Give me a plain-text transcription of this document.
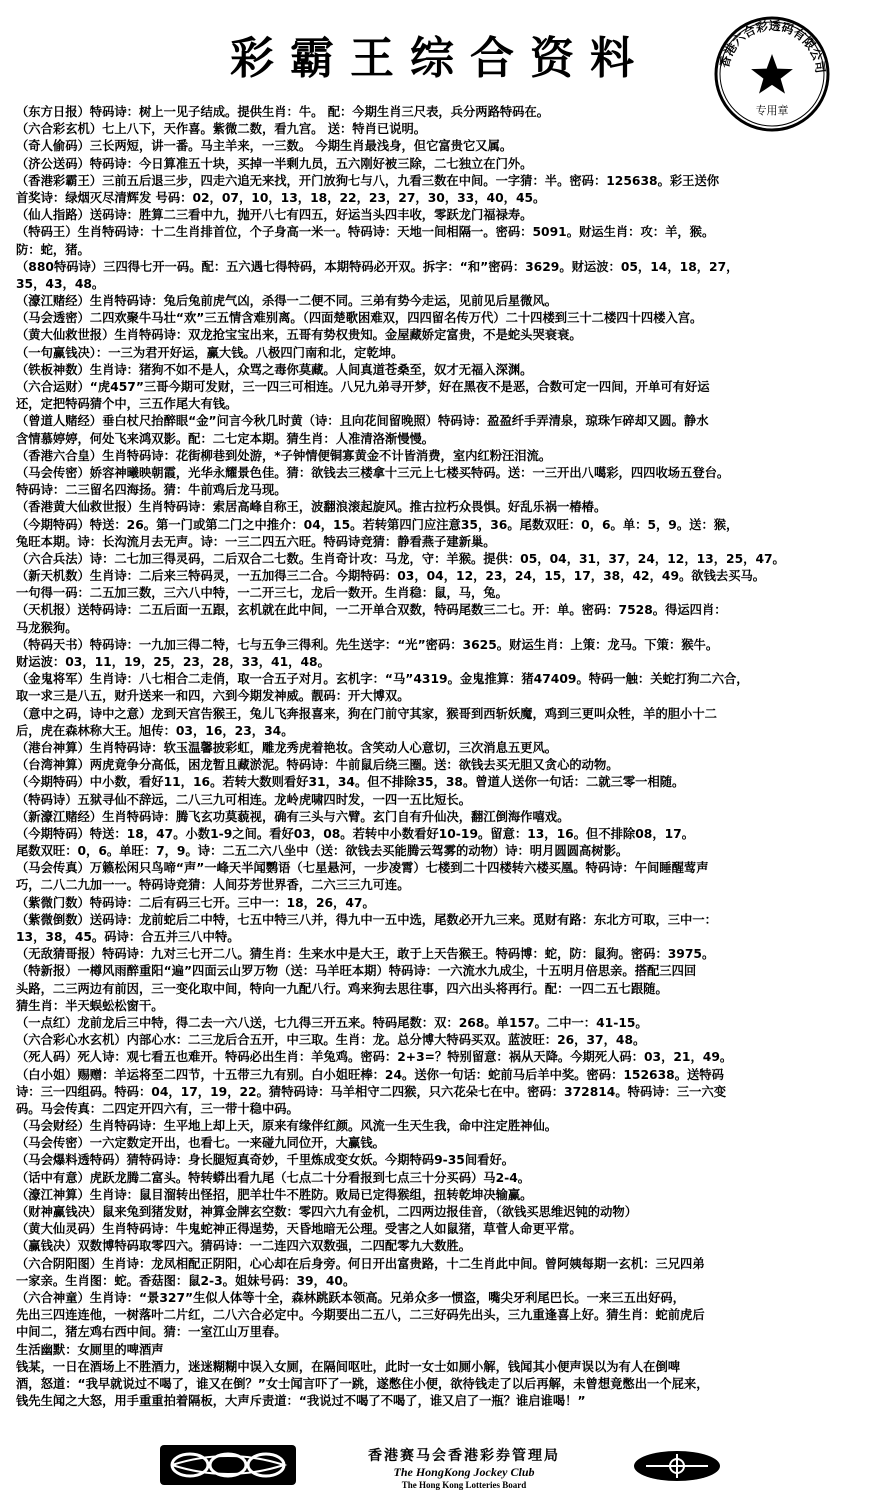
彩霸王综合资料	香港六合彩透码有限公司
专用章
（东方日报）特码诗：树上一见子结成。提供生肖：牛。 配：今期生肖三尺表，兵分两路特码在。
（六合彩玄机）七上八下，天作喜。紫微二数，看九宫。 送：特肖已说明。
（奇人偷码）三长两短，讲一番。马主羊来，一三数。 今期生肖最浅身，但它富贵它又属。
（济公送码）特码诗：今日算准五十块，买掉一半剩九员，五六刚好被三除，二七独立在门外。
（香港彩霸王）三前五后退三步，四走六追无来找，开门放狗七与八，九看三数在中间。一字猜：半。密码：125638。彩王送你
首奖诗：绿烟灭尽清辉发 号码：02，07，10，13，18，22，23，27，30，33，40，45。
（仙人指路）送码诗：胜算二三看中九，抛开八七有四五，好运当头四丰收，零跃龙门福禄寿。
（特码王）生肖特码诗：十二生肖排首位，个子身高一米一。特码诗：天地一间相隔一。密码：5091。财运生肖：攻：羊，猴。
防：蛇，猪。
（880特码诗）三四得七开一码。配：五六遇七得特码，本期特码必开双。拆字：“和”密码：3629。财运波：05，14，18，27，
35，43，48。
（濠江赌经）生肖特码诗：兔后兔前虎气凶，杀得一二便不同。三弟有势今走运，见前见后星微风。
（马会透密）二四欢聚牛马壮“欢”三五情含难别离。（四面楚歌困难双，四四留名传万代）二十四楼到三十二楼四十四楼入宫。
（黄大仙救世报）生肖特码诗：双龙抢宝宝出来，五哥有势权贵知。金屋藏娇定富贵，不是蛇头哭衰衰。
（一句赢钱决）：一三为君开好运，赢大钱。八极四门南和北，定乾坤。
（铁板神数）生肖诗：猪狗不如不是人，众骂之毒你莫藏。人间真道苍桑至，奴才无福入深渊。
（六合运财）“虎457”三哥今期可发财，三一四三可相连。八兄九弟寻开梦，好在黑夜不是恶，合数可定一四间，开单可有好运
还，定把特码猜个中，三五作尾大有钱。
（曾道人赌经）垂白杖尺抬醉眼“金”问言今秋几时黄（诗：且向花间留晚照）特码诗：盈盈纤手弄清泉，琼珠乍碎却又圆。静水
含情慕婷婷，何处飞来鸿双影。配：二七定本期。猜生肖：人准清洛渐慢慢。
（香港六合皇）生肖特码诗：花街柳巷到处游，*子钟情便铜寡黄金不计皆消费，室内红粉汪泪流。
（马会传密）娇容神曦映朝霞，光华永耀景色佳。猜：欲钱去三楼拿十三元上七楼买特码。送：一三开出八噶彩，四四收场五登台。
特码诗：二三留名四海扬。猜：牛前鸡后龙马现。
（香港黄大仙救世报）生肖特码诗：索居高峰自称王，波翻浪滚起旋风。推古拉朽众畏惧。好乱乐祸一椿椿。
（今期特码）特送：26。第一门或第二门之中推介：04，15。若转第四门应注意35，36。尾数双旺：0，6。单：5，9。送：猴，
兔旺本期。诗：长沟流月去无声。诗：一三二四五六旺。特码诗竞猜：静看燕子建新巢。
（六合兵法）诗：二七加三得灵码，二后双合二七数。生肖奇计攻：马龙，守：羊猴。提供：05，04，31，37，24，12，13，25，47。
（新天机数）生肖诗：二后来三特码灵，一五加得三二合。今期特码：03，04，12，23，24，15，17，38，42，49。欲钱去买马。
一句得一码：二五加三数，三六八中特，一二开三七，龙后一数开。生肖稳：鼠，马，兔。
（天机报）送特码诗：二五后面一五跟，玄机就在此中间，一二开单合双数，特码尾数三二七。开：单。密码：7528。得运四肖：
马龙猴狗。
（特码天书）特码诗：一九加三得二特，七与五争三得利。先生送字：“光”密码：3625。财运生肖：上策：龙马。下策：猴牛。
财运波：03，11，19，25，23，28，33，41，48。
（金鬼将军）生肖诗：八七相合二走俏，取一合五子对月。玄机字：“马”4319。金鬼推算：猪47409。特码一触：关蛇打狗二六合，
取一求三是八五，财升送来一和四，六到今期发神威。靓码：开大博双。
（意中之码，诗中之意）龙到天宫告猴王，兔儿飞奔报喜来，狗在门前守其家，猴哥到西斩妖魔，鸡到三更叫众牲，羊的胆小十二
后，虎在森林称大王。旭传：03，16，23，34。
（港台神算）生肖特码诗：软玉温馨披彩虹，雕龙秀虎着艳妆。含笑动人心意切，三次消息五更风。
（台湾神算）两虎竟争分高低，困龙暂且藏淤泥。特码诗：牛前鼠后绕三圈。送：欲钱去买无胆又贪心的动物。
（今期特码）中小数，看好11，16。若转大数则看好31，34。但不排除35，38。曾道人送你一句话：二就三零一相随。
（特码诗）五狱寻仙不辞远，二八三九可相连。龙岭虎啸四时发，一四一五比短长。
（新濠江赌经）生肖特码诗：腾飞玄功莫藐视，确有三头与六臂。玄门自有升仙决，翻江倒海作嘻戏。
（今期特码）特送：18，47。小数1-9之间。看好03，08。若转中小数看好10-19。留意：13，16。但不排除08，17。
尾数双旺：0，6。单旺：7，9。诗：二五二六八坐中（送：欲钱去买能腾云驾雾的动物）诗：明月圆圆高树影。
（马会传真）万籁松闲只鸟啼“声”一峰天半闻鹦语（七星悬河，一步凌霄）七楼到二十四楼转六楼买凰。特码诗：午间睡醒莺声
巧，二八二九加一一。特码诗竞猜：人间芬芳世界香，二六三三九可连。
（紫微门数）特码诗：二后有码三七开。三中一：18，26，47。
（紫微倒数）送码诗：龙前蛇后二中特，七五中特三八并，得九中一五中选，尾数必开九三来。觅财有路：东北方可取，三中一：
13，38，45。码诗：合五并三八中特。
（无敌猜哥报）特码诗：九对三七开二八。猜生肖：生来水中是大王，敢于上天告猴王。特码博：蛇，防：鼠狗。密码：3975。
（特新报）一樽风雨醉重阳“遍”四面云山罗万物（送：马羊旺本期）特码诗：一六流水九成尘，十五明月倍思亲。搭配三四回
头路，二三两边有前因，三一变化取中间，特向一九配八行。鸡来狗去思往事，四六出头将再行。配：一四二五七跟随。
猜生肖：半天蜈蚣松窗干。
（一点红）龙前龙后三中特，得二去一六八送，七九得三开五来。特码尾数：双：268。单157。二中一：41-15。
（六合彩心水玄机）内部心水：二三龙后合五开，中三取。生肖：龙。总分博大特码买双。蓝波旺：26，37，48。
（死人码）死人诗：观七看五也难开。特码必出生肖：羊兔鸡。密码：2+3=？特别留意：祸从天降。今期死人码：03，21，49。
（白小姐）赐赠：羊运将至二四节，十五带三九有别。白小姐旺棒：24。送你一句话：蛇前马后羊中奖。密码：152638。送特码
诗：三一四组码。特码：04，17，19，22。猜特码诗：马羊相守二四猴，只六花朵七在中。密码：372814。特码诗：三一六变
码。马会传真：二四定开四六有，三一带十稳中码。
（马会财经）生肖特码诗：生平地上却上天，原来有缘伴红颜。风流一生天生我，命中注定胜神仙。
（马会传密）一六定数定开出，也看七。一来碰九同位开，大赢钱。
（马会爆料透特码）猜特码诗：身长腿短真奇妙，千里炼成变女妖。今期特码9-35间看好。
（话中有意）虎跃龙腾二富头。特转蟒出看九尾（七点二十分看报到七点三十分买码）马2-4。
（濠江神算）生肖诗：鼠目溜转出怪招，肥羊壮牛不胜防。败局已定得猴组，扭转乾坤决输赢。
（财神赢钱决）鼠来兔到猪发财，神算金牌玄空数：零四六九有金机，二四两边报佳音，（欲钱买思维迟钝的动物）
（黄大仙灵码）生肖特码诗：牛鬼蛇神正得逞势，天昏地暗无公理。受害之人如鼠猪，草菅人命更平常。
（赢钱决）双数博特码取零四六。猜码诗：一二连四六双数强，二四配零九大数胜。
（六合阴阳图）生肖诗：龙凤相配正阴阳，心心却在后身旁。何日开出富贵路，十二生肖此中间。曾阿姨每期一玄机：三兄四弟
一家亲。生肖图：蛇。香菇图：鼠2-3。姐妹号码：39，40。
（六合神童）生肖诗：“景327”生似人体等十全，森林跳跃本领高。兄弟众多一惯盗，嘴尖牙利尾巴长。一来三五出好码，
先出三四连连他，一树落叶二片红，二八六合必定中。今期要出二五八，二三好码先出头，三九重逢喜上好。猜生肖：蛇前虎后
中间二，猪左鸡右西中间。猜：一室江山万里春。
生活幽默：女厕里的啤酒声
钱某，一日在酒场上不胜酒力，迷迷糊糊中误入女厕，在隔间呕吐，此时一女士如厕小解，钱闻其小便声误以为有人在倒啤
酒，怒道：“我早就说过不喝了，谁又在倒？”女士闻言吓了一跳，遂憋住小便，欲待钱走了以后再解，未曾想竟憋出一个屁来，
钱先生闻之大怒，用手重重拍着隔板，大声斥责道：“我说过不喝了不喝了，谁又启了一瓶？谁启谁喝！”
香港赛马会香港彩券管理局
The HongKong Jockey Club
The Hong Kong Lotteries Board
